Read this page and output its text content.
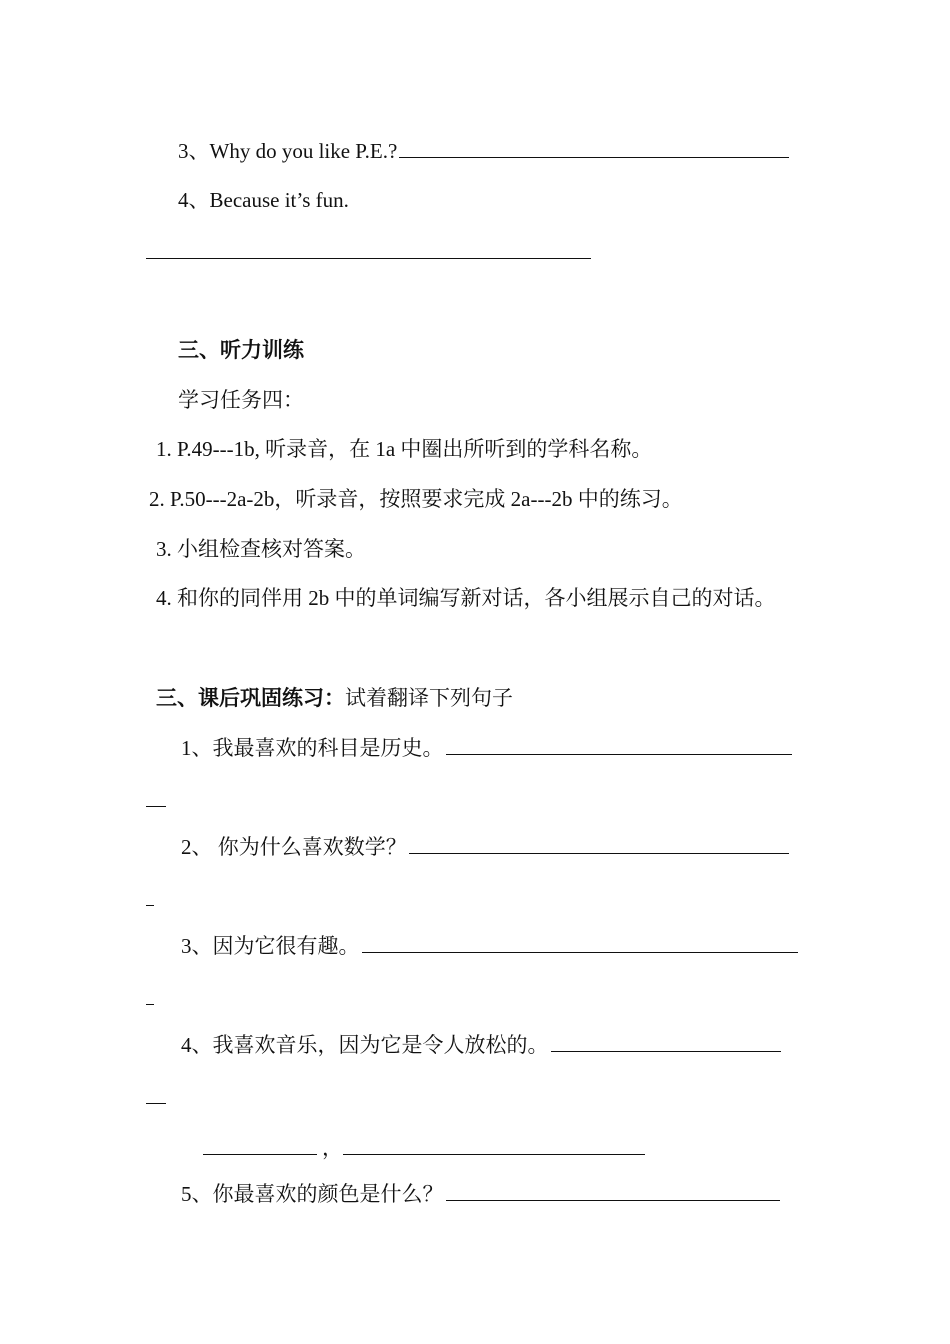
3、Why do you like P.E.?
4、Because it’s fun.
三、听力训练
学习任务四：
1. P.49---1b, 听录音，在 1a 中圈出所听到的学科名称。
2. P.50---2a-2b，听录音，按照要求完成 2a---2b 中的练习。
3. 小组检查核对答案。
4. 和你的同伴用 2b 中的单词编写新对话，各小组展示自己的对话。
三、课后巩固练习：试着翻译下列句子
1、我最喜欢的科目是历史。
2、 你为什么喜欢数学？
3、因为它很有趣。
4、我喜欢音乐，因为它是令人放松的。
，
5、你最喜欢的颜色是什么？
